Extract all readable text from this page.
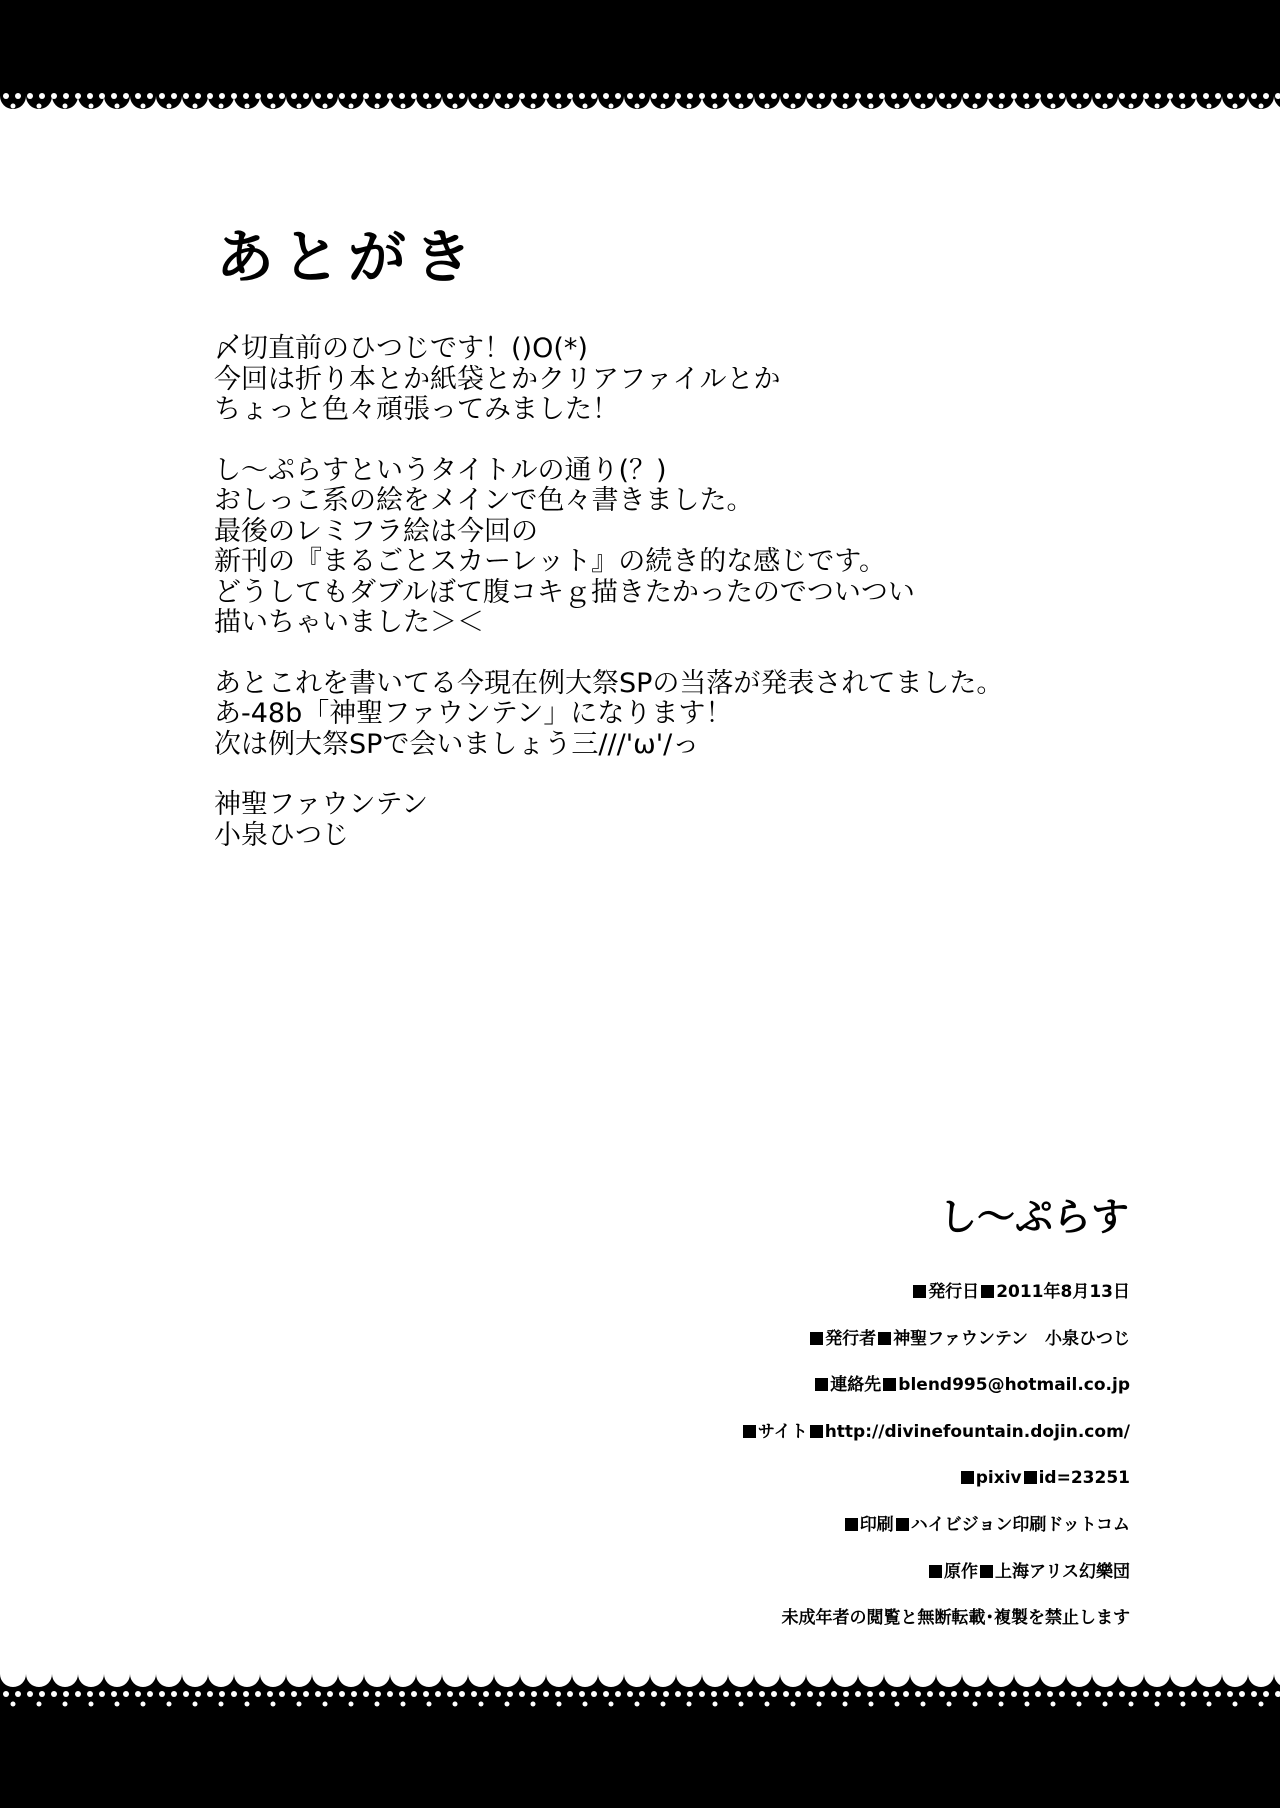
あとがき
〆切直前のひつじです！()O(*)
今回は折り本とか紙袋とかクリアファイルとか
ちょっと色々頑張ってみました！
し～ぷらすというタイトルの通り(？)
おしっこ系の絵をメインで色々書きました。
最後のレミフラ絵は今回の
新刊の『まるごとスカーレット』の続き的な感じです。
どうしてもダブルぼて腹コキｇ描きたかったのでついつい
描いちゃいました＞＜
あとこれを書いてる今現在例大祭SPの当落が発表されてました。
あ-48b「神聖ファウンテン」になります！
次は例大祭SPで会いましょう三///'ω'/っ
神聖ファウンテン
小泉ひつじ
し～ぷらす
発行日 2011年8月13日
発行者 神聖ファウンテン　小泉ひつじ
連絡先 blend995@hotmail.co.jp
サイト http://divinefountain.dojin.com/
pixiv id=23251
印刷 ハイビジョン印刷ドットコム
原作 上海アリス幻樂団
未成年者の閲覧と無断転載･複製を禁止します
